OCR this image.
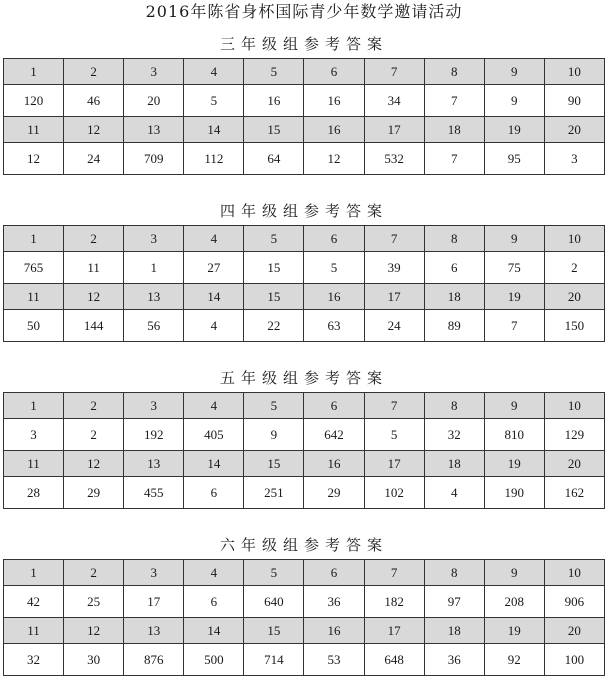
2016年陈省身杯国际青少年数学邀请活动
三年级组参考答案
1	2	3	4	5	6	7	8	9	10
120	46	20	5	16	16	34	7	9	90
11	12	13	14	15	16	17	18	19	20
12	24	709	112	64	12	532	7	95	3
四年级组参考答案
1	2	3	4	5	6	7	8	9	10
765	11	1	27	15	5	39	6	75	2
11	12	13	14	15	16	17	18	19	20
50	144	56	4	22	63	24	89	7	150
五年级组参考答案
1	2	3	4	5	6	7	8	9	10
3	2	192	405	9	642	5	32	810	129
11	12	13	14	15	16	17	18	19	20
28	29	455	6	251	29	102	4	190	162
六年级组参考答案
1	2	3	4	5	6	7	8	9	10
42	25	17	6	640	36	182	97	208	906
11	12	13	14	15	16	17	18	19	20
32	30	876	500	714	53	648	36	92	100
